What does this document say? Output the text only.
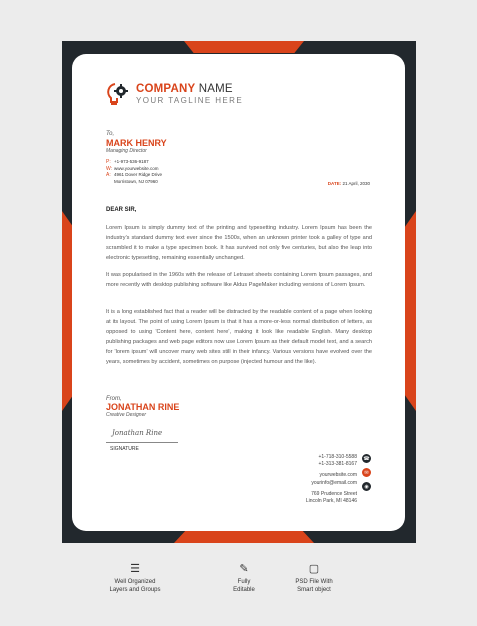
COMPANY NAME
YOUR TAGLINE HERE
To,
MARK HENRY
Managing Director
P: +1-973-536-9187
W: www.yourwebsite.com
A: 4961 Dover Ridge Drive
Morristown, NJ 07960	DATE: 21 April, 2030
DEAR SIR,
Lorem Ipsum is simply dummy text of the printing and typesetting industry. Lorem Ipsum has been the industry's standard dummy text ever since the 1500s, when an unknown printer took a galley of type and scrambled it to make a type specimen book. It has survived not only five centuries, but also the leap into electronic typesetting, remaining essentially unchanged.
It was popularised in the 1960s with the release of Letraset sheets containing Lorem Ipsum passages, and more recently with desktop publishing software like Aldus PageMaker including versions of Lorem Ipsum.
It is a long established fact that a reader will be distracted by the readable content of a page when looking at its layout. The point of using Lorem Ipsum is that it has a more-or-less normal distribution of letters, as opposed to using 'Content here, content here', making it look like readable English. Many desktop publishing packages and web page editors now use Lorem Ipsum as their default model text, and a search for 'lorem ipsum' will uncover many web sites still in their infancy. Various versions have evolved over the years, sometimes by accident, sometimes on purpose (injected humour and the like).
From,
JONATHAN RINE
Creative Designer
Jonathan Rine
SIGNATURE
+1-718-310-5588
+1-313-381-8167
yourwebsite.com
yourinfo@email.com
769 Prudence Street
Lincoln Park, MI 48146
☎
✉
◉
☰
Well Organized
Layers and Groups
✎
Fully
Editable
▢
PSD File With
Smart object
